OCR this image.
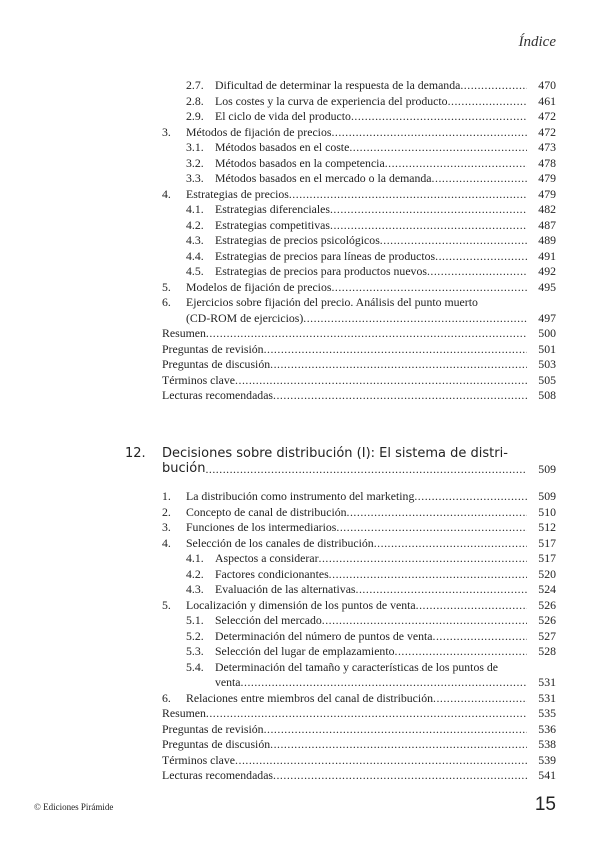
Índice
2.7. Dificultad de determinar la respuesta de la demanda .....	470
2.8. Los costes y la curva de experiencia del producto .....	461
2.9. El ciclo de vida del producto .....	472
3. Métodos de fijación de precios .....	472
3.1. Métodos basados en el coste .....	473
3.2. Métodos basados en la competencia .....	478
3.3. Métodos basados en el mercado o la demanda .....	479
4. Estrategias de precios .....	479
4.1. Estrategias diferenciales .....	482
4.2. Estrategias competitivas .....	487
4.3. Estrategias de precios psicológicos .....	489
4.4. Estrategias de precios para líneas de productos .....	491
4.5. Estrategias de precios para productos nuevos .....	492
5. Modelos de fijación de precios .....	495
6. Ejercicios sobre fijación del precio. Análisis del punto muerto
(CD-ROM de ejercicios) .....	497
Resumen .....	500
Preguntas de revisión .....	501
Preguntas de discusión .....	503
Términos clave .....	505
Lecturas recomendadas .....	508
12. Decisiones sobre distribución (I): El sistema de distri-
bución .....	509
1. La distribución como instrumento del marketing .....	509
2. Concepto de canal de distribución .....	510
3. Funciones de los intermediarios .....	512
4. Selección de los canales de distribución .....	517
4.1. Aspectos a considerar .....	517
4.2. Factores condicionantes .....	520
4.3. Evaluación de las alternativas .....	524
5. Localización y dimensión de los puntos de venta .....	526
5.1. Selección del mercado .....	526
5.2. Determinación del número de puntos de venta .....	527
5.3. Selección del lugar de emplazamiento .....	528
5.4. Determinación del tamaño y características de los puntos de
venta .....	531
6. Relaciones entre miembros del canal de distribución .....	531
Resumen .....	535
Preguntas de revisión .....	536
Preguntas de discusión .....	538
Términos clave .....	539
Lecturas recomendadas .....	541
© Ediciones Pirámide	15
